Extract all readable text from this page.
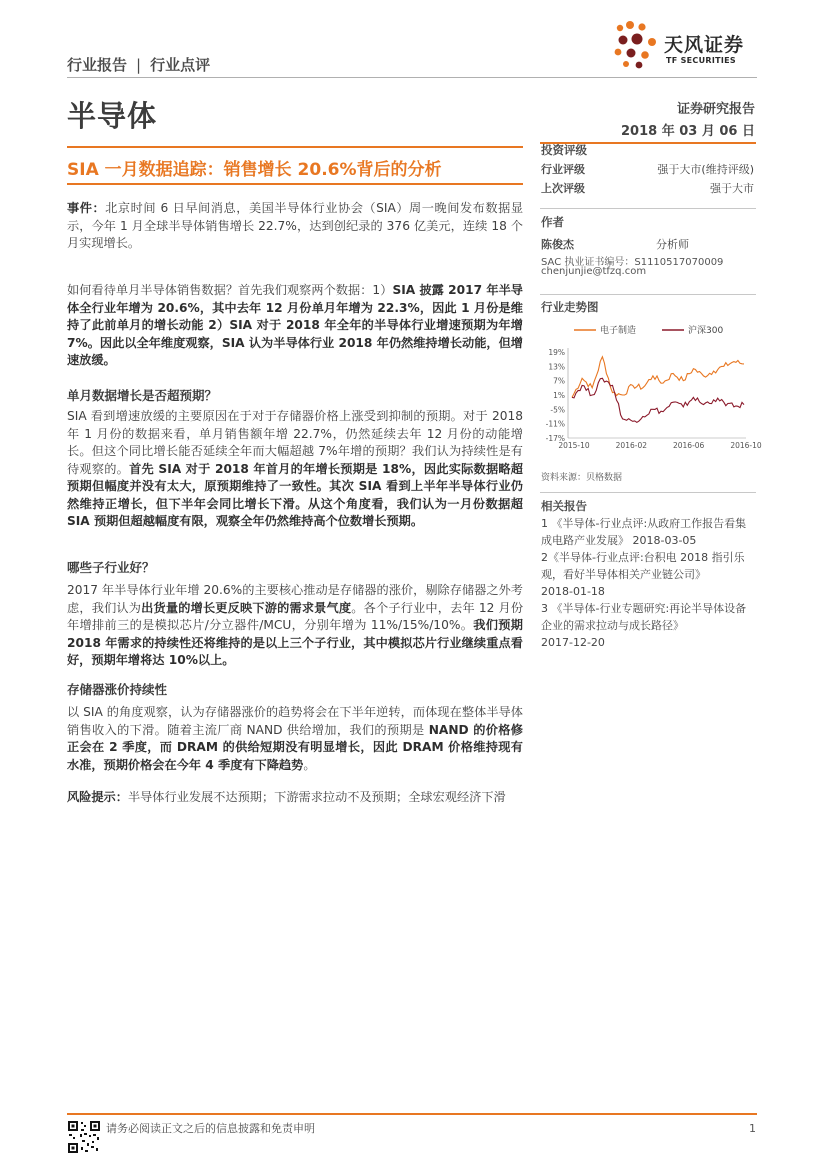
行业报告 | 行业点评
半导体
天风证券
TF SECURITIES
证券研究报告
2018 年 03 月 06 日
SIA 一月数据追踪：销售增长 20.6%背后的分析
事件：北京时间 6 日早间消息，美国半导体行业协会（SIA）周一晚间发布数据显示，今年 1 月全球半导体销售增长 22.7%，达到创纪录的 376 亿美元，连续 18 个月实现增长。
如何看待单月半导体销售数据？首先我们观察两个数据：1）SIA 披露 2017 年半导体全行业年增为 20.6%，其中去年 12 月份单月年增为 22.3%，因此 1 月份是维持了此前单月的增长动能 2）SIA 对于 2018 年全年的半导体行业增速预期为年增 7%。因此以全年维度观察，SIA 认为半导体行业 2018 年仍然维持增长动能，但增速放缓。
单月数据增长是否超预期？
SIA 看到增速放缓的主要原因在于对于存储器价格上涨受到抑制的预期。对于 2018 年 1 月份的数据来看，单月销售额年增 22.7%，仍然延续去年 12 月份的动能增长。但这个同比增长能否延续全年而大幅超越 7%年增的预期？我们认为持续性是有待观察的。首先 SIA 对于 2018 年首月的年增长预期是 18%，因此实际数据略超预期但幅度并没有太大，原预期维持了一致性。其次 SIA 看到上半年半导体行业仍然维持正增长，但下半年会同比增长下滑。从这个角度看，我们认为一月份数据超 SIA 预期但超越幅度有限，观察全年仍然维持高个位数增长预期。
哪些子行业好？
2017 年半导体行业年增 20.6%的主要核心推动是存储器的涨价，剔除存储器之外考虑，我们认为出货量的增长更反映下游的需求景气度。各个子行业中，去年 12 月份年增排前三的是模拟芯片/分立器件/MCU，分别年增为 11%/15%/10%。我们预期 2018 年需求的持续性还将维持的是以上三个子行业，其中模拟芯片行业继续重点看好，预期年增将达 10%以上。
存储器涨价持续性
以 SIA 的角度观察，认为存储器涨价的趋势将会在下半年逆转，而体现在整体半导体销售收入的下滑。随着主流厂商 NAND 供给增加，我们的预期是 NAND 的价格修正会在 2 季度，而 DRAM 的供给短期没有明显增长，因此 DRAM 价格维持现有水准，预期价格会在今年 4 季度有下降趋势。
风险提示：半导体行业发展不达预期；下游需求拉动不及预期；全球宏观经济下滑
投资评级
行业评级	强于大市(维持评级)
上次评级	强于大市
作者
陈俊杰	分析师
SAC 执业证书编号：S1110517070009
chenjunjie@tfzq.com
行业走势图
电子制造	沪深300
19%
13%
7%
1%
-5%
-11%
-17%
2015-10	2016-02	2016-06	2016-10
资料来源：贝格数据
相关报告
1 《半导体-行业点评:从政府工作报告看集成电路产业发展》 2018-03-05
2《半导体-行业点评:台积电 2018 指引乐观，看好半导体相关产业链公司》
2018-01-18
3 《半导体-行业专题研究:再论半导体设备企业的需求拉动与成长路径》
2017-12-20
请务必阅读正文之后的信息披露和免责申明	1
